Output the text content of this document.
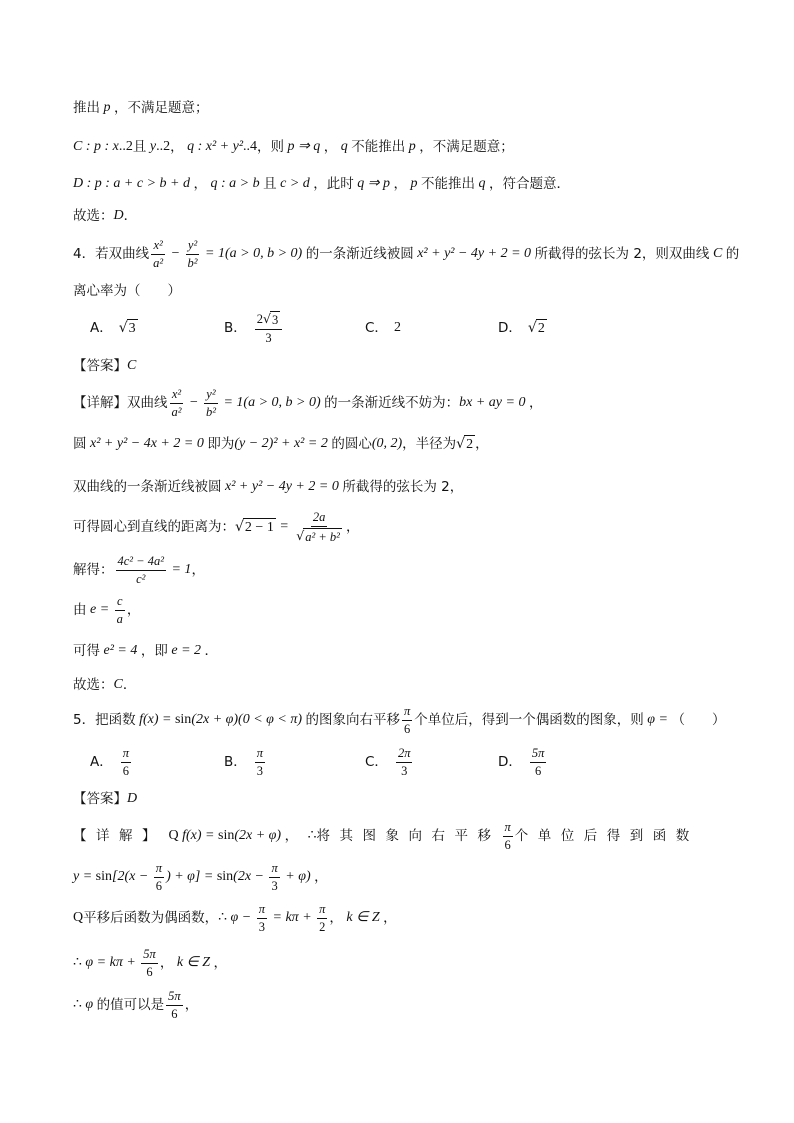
推出 p ，不满足题意；
C : p : x ..2 且 y ..2 ， q : x² + y² ..4 ，则 p ⇒ q ， q 不能推出 p ，不满足题意；
D : p : a + c > b + d ， q : a > b 且 c > d ，此时 q ⇒ p ， p 不能推出 q ，符合题意．
故选： D ．
4．若双曲线 $\frac{\text{x²}}{\text{a²}} - \frac{\text{y²}}{\text{b²}} = 1(a > 0$, b > 0) 的一条渐近线被圆 x² + y² − 4y + 2 = 0 所截得的弦长为 2，则双曲线 C 的
离心率为（　　）
A．
√ 3	B． 2
√ 3
3	C． 2	D．
√ 2
【答案】 C
【详解】 双曲线 $\frac{\text{x²}}{\text{a²}} - \frac{\text{y²}}{\text{b²}} = 1(a > 0$, b > 0) 的一条渐近线不妨为： bx + ay = 0 ，
圆 x² + y² − 4x + 2 = 0 即为 (y − 2)² + x² = 2 的圆心 (0, 2) ，半径为
√ 2 ，
双曲线的一条渐近线被圆 x² + y² − 4y + 2 = 0 所截得的弦长为 2，
可得圆心到直线的距离为：
√ 2 − 1 = 2a
√
a² + b² ，
解得： $\frac{\text{4c² − 4a²}}{\text{c²}} = 1$ ，
由 $e = \frac{c}{a}$ ，
可得 e² = 4 ，即 e = 2 ．
故选： C ．
5．把函数 f(x) = sin (2x + φ)(0 < φ < π) 的图象向右平移 $\frac{\pi}{6}$ 个单位后，得到一个偶函数的图象，则 φ = （　　）
A． $\frac{\pi}{6}$	B． $\frac{\pi}{3}$	C． $\frac{2\pi}{3}$	D． $\frac{5\pi}{6}$
【答案】 D
【详解】 Q f(x) = sin (2x + φ) ， ∴ 将其图象向右平移 $\frac{\pi}{6}$ 个单位后得到函数
$y = \sin [2(x - \frac{\pi}{6}$ ) + $\varphi] = \sin (2x - \frac{\pi}{3} + \varphi)$ ，
Q 平移后函数为偶函数， ∴ $\varphi - \frac{\pi}{3} = k\pi + \frac{\pi}{2}$ ， k ∈ Z ，
∴ $\varphi = k\pi + \frac{5\pi}{6}$ ， k ∈ Z ，
∴ φ 的值可以是 $\frac{5\pi}{6}$ ，
